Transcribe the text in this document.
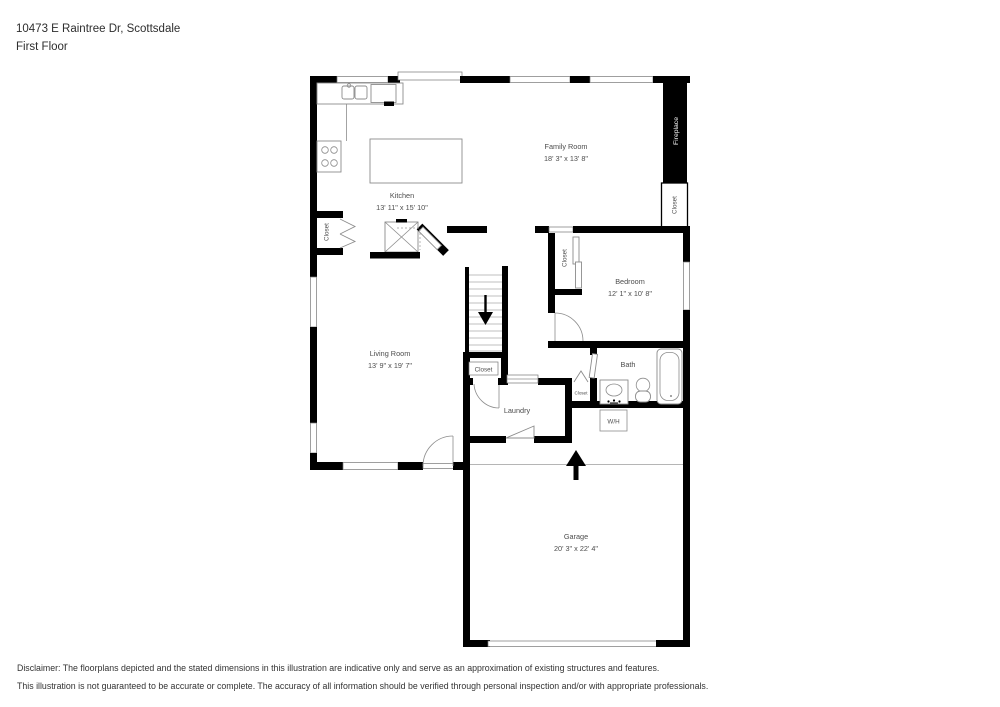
10473 E Raintree Dr, Scottsdale
First Floor
Fireplace
Closet
Closet
Closet
Laundry
Closet
Closet
Bedroom
12' 1" x 10' 8"
Bath
W/H
Garage
20' 3" x 22' 4"
Living Room
13' 9" x 19' 7"
Family Room
18' 3" x 13' 8"
Kitchen
13' 11" x 15' 10"
Disclaimer: The floorplans depicted and the stated dimensions in this illustration are indicative only and serve as an approximation of existing structures and features.
This illustration is not guaranteed to be accurate or complete. The accuracy of all information should be verified through personal inspection and/or with appropriate professionals.
